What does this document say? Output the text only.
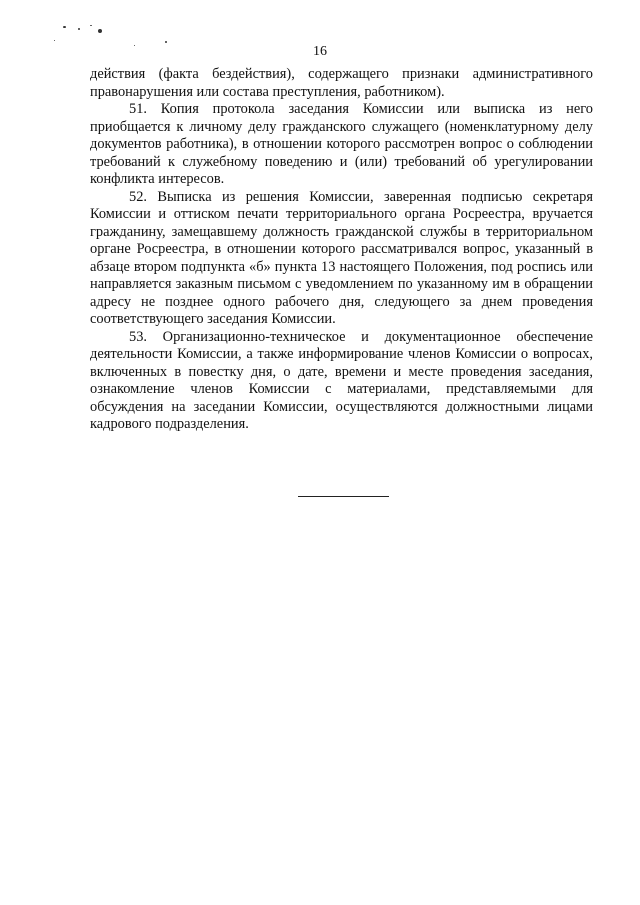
16

действия (факта бездействия), содержащего признаки административного правонарушения или состава преступления, работником).

51. Копия протокола заседания Комиссии или выписка из него приобщается к личному делу гражданского служащего (номенклатурному делу документов работника), в отношении которого рассмотрен вопрос о соблюдении требований к служебному поведению и (или) требований об урегулировании конфликта интересов.

52. Выписка из решения Комиссии, заверенная подписью секретаря Комиссии и оттиском печати территориального органа Росреестра, вручается гражданину, замещавшему должность гражданской службы в территориальном органе Росреестра, в отношении которого рассматривался вопрос, указанный в абзаце втором подпункта «б» пункта 13 настоящего Положения, под роспись или направляется заказным письмом с уведомлением по указанному им в обращении адресу не позднее одного рабочего дня, следующего за днем проведения соответствующего заседания Комиссии.

53. Организационно-техническое и документационное обеспечение деятельности Комиссии, а также информирование членов Комиссии о вопросах, включенных в повестку дня, о дате, времени и месте проведения заседания, ознакомление членов Комиссии с материалами, представляемыми для обсуждения на заседании Комиссии, осуществляются должностными лицами кадрового подразделения.
